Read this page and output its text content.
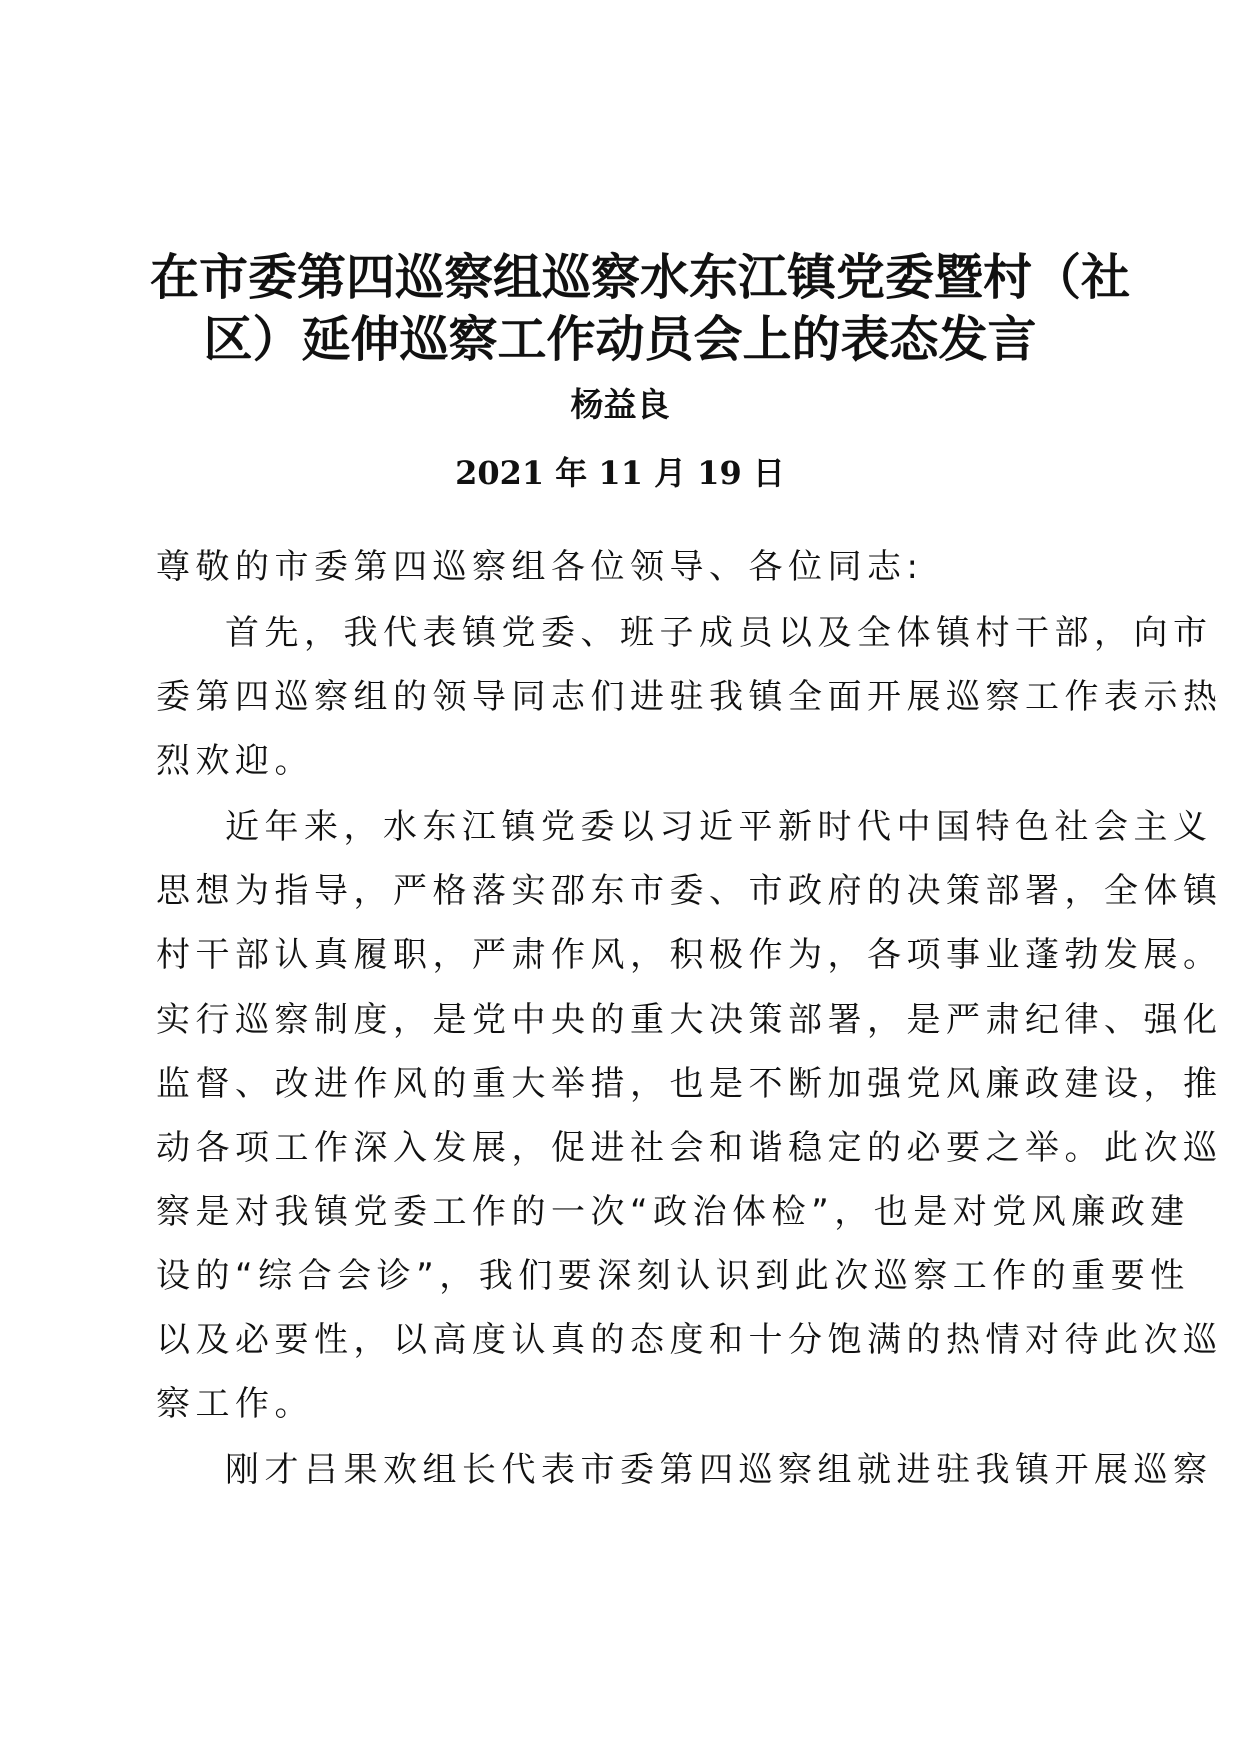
在市委第四巡察组巡察水东江镇党委暨村（社
区）延伸巡察工作动员会上的表态发言
杨益良
2021 年 11 月 19 日
尊敬的市委第四巡察组各位领导、各位同志:
首先，我代表镇党委、班子成员以及全体镇村干部，向市
委第四巡察组的领导同志们进驻我镇全面开展巡察工作表示热
烈欢迎。
近年来，水东江镇党委以习近平新时代中国特色社会主义
思想为指导，严格落实邵东市委、市政府的决策部署，全体镇
村干部认真履职，严肃作风，积极作为，各项事业蓬勃发展。
实行巡察制度，是党中央的重大决策部署，是严肃纪律、强化
监督、改进作风的重大举措，也是不断加强党风廉政建设，推
动各项工作深入发展，促进社会和谐稳定的必要之举。此次巡
察是对我镇党委工作的一次“政治体检”，也是对党风廉政建
设的“综合会诊”，我们要深刻认识到此次巡察工作的重要性
以及必要性，以高度认真的态度和十分饱满的热情对待此次巡
察工作。
刚才吕果欢组长代表市委第四巡察组就进驻我镇开展巡察
